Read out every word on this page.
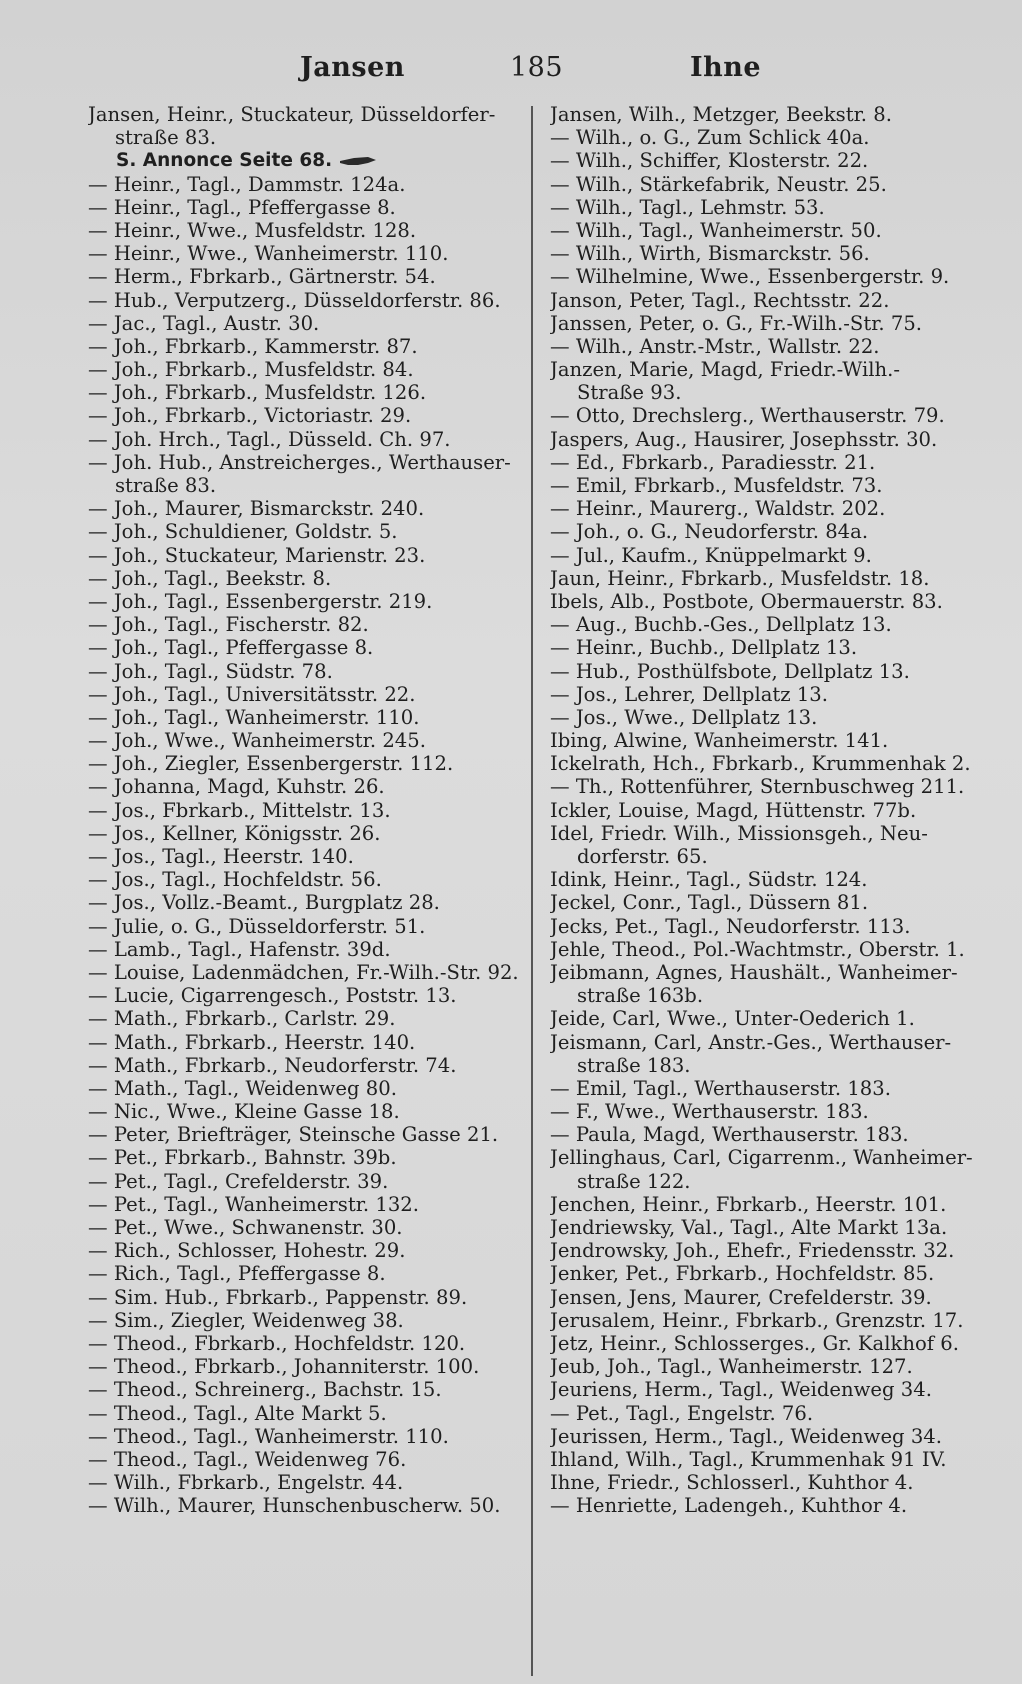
Jansen	185	Ihne
Jansen, Heinr., Stuckateur, Düsseldorfer-
straße 83.
S. Annonce Seite 68.
— Heinr., Tagl., Dammstr. 124a.
— Heinr., Tagl., Pfeffergasse 8.
— Heinr., Wwe., Musfeldstr. 128.
— Heinr., Wwe., Wanheimerstr. 110.
— Herm., Fbrkarb., Gärtnerstr. 54.
— Hub., Verputzerg., Düsseldorferstr. 86.
— Jac., Tagl., Austr. 30.
— Joh., Fbrkarb., Kammerstr. 87.
— Joh., Fbrkarb., Musfeldstr. 84.
— Joh., Fbrkarb., Musfeldstr. 126.
— Joh., Fbrkarb., Victoriastr. 29.
— Joh. Hrch., Tagl., Düsseld. Ch. 97.
— Joh. Hub., Anstreicherges., Werthauser-
straße 83.
— Joh., Maurer, Bismarckstr. 240.
— Joh., Schuldiener, Goldstr. 5.
— Joh., Stuckateur, Marienstr. 23.
— Joh., Tagl., Beekstr. 8.
— Joh., Tagl., Essenbergerstr. 219.
— Joh., Tagl., Fischerstr. 82.
— Joh., Tagl., Pfeffergasse 8.
— Joh., Tagl., Südstr. 78.
— Joh., Tagl., Universitätsstr. 22.
— Joh., Tagl., Wanheimerstr. 110.
— Joh., Wwe., Wanheimerstr. 245.
— Joh., Ziegler, Essenbergerstr. 112.
— Johanna, Magd, Kuhstr. 26.
— Jos., Fbrkarb., Mittelstr. 13.
— Jos., Kellner, Königsstr. 26.
— Jos., Tagl., Heerstr. 140.
— Jos., Tagl., Hochfeldstr. 56.
— Jos., Vollz.-Beamt., Burgplatz 28.
— Julie, o. G., Düsseldorferstr. 51.
— Lamb., Tagl., Hafenstr. 39d.
— Louise, Ladenmädchen, Fr.-Wilh.-Str. 92.
— Lucie, Cigarrengesch., Poststr. 13.
— Math., Fbrkarb., Carlstr. 29.
— Math., Fbrkarb., Heerstr. 140.
— Math., Fbrkarb., Neudorferstr. 74.
— Math., Tagl., Weidenweg 80.
— Nic., Wwe., Kleine Gasse 18.
— Peter, Briefträger, Steinsche Gasse 21.
— Pet., Fbrkarb., Bahnstr. 39b.
— Pet., Tagl., Crefelderstr. 39.
— Pet., Tagl., Wanheimerstr. 132.
— Pet., Wwe., Schwanenstr. 30.
— Rich., Schlosser, Hohestr. 29.
— Rich., Tagl., Pfeffergasse 8.
— Sim. Hub., Fbrkarb., Pappenstr. 89.
— Sim., Ziegler, Weidenweg 38.
— Theod., Fbrkarb., Hochfeldstr. 120.
— Theod., Fbrkarb., Johanniterstr. 100.
— Theod., Schreinerg., Bachstr. 15.
— Theod., Tagl., Alte Markt 5.
— Theod., Tagl., Wanheimerstr. 110.
— Theod., Tagl., Weidenweg 76.
— Wilh., Fbrkarb., Engelstr. 44.
— Wilh., Maurer, Hunschenbuscherw. 50.
Jansen, Wilh., Metzger, Beekstr. 8.
— Wilh., o. G., Zum Schlick 40a.
— Wilh., Schiffer, Klosterstr. 22.
— Wilh., Stärkefabrik, Neustr. 25.
— Wilh., Tagl., Lehmstr. 53.
— Wilh., Tagl., Wanheimerstr. 50.
— Wilh., Wirth, Bismarckstr. 56.
— Wilhelmine, Wwe., Essenbergerstr. 9.
Janson, Peter, Tagl., Rechtsstr. 22.
Janssen, Peter, o. G., Fr.-Wilh.-Str. 75.
— Wilh., Anstr.-Mstr., Wallstr. 22.
Janzen, Marie, Magd, Friedr.-Wilh.-
Straße 93.
— Otto, Drechslerg., Werthauserstr. 79.
Jaspers, Aug., Hausirer, Josephsstr. 30.
— Ed., Fbrkarb., Paradiesstr. 21.
— Emil, Fbrkarb., Musfeldstr. 73.
— Heinr., Maurerg., Waldstr. 202.
— Joh., o. G., Neudorferstr. 84a.
— Jul., Kaufm., Knüppelmarkt 9.
Jaun, Heinr., Fbrkarb., Musfeldstr. 18.
Ibels, Alb., Postbote, Obermauerstr. 83.
— Aug., Buchb.-Ges., Dellplatz 13.
— Heinr., Buchb., Dellplatz 13.
— Hub., Posthülfsbote, Dellplatz 13.
— Jos., Lehrer, Dellplatz 13.
— Jos., Wwe., Dellplatz 13.
Ibing, Alwine, Wanheimerstr. 141.
Ickelrath, Hch., Fbrkarb., Krummenhak 2.
— Th., Rottenführer, Sternbuschweg 211.
Ickler, Louise, Magd, Hüttenstr. 77b.
Idel, Friedr. Wilh., Missionsgeh., Neu-
dorferstr. 65.
Idink, Heinr., Tagl., Südstr. 124.
Jeckel, Conr., Tagl., Düssern 81.
Jecks, Pet., Tagl., Neudorferstr. 113.
Jehle, Theod., Pol.-Wachtmstr., Oberstr. 1.
Jeibmann, Agnes, Haushält., Wanheimer-
straße 163b.
Jeide, Carl, Wwe., Unter-Oederich 1.
Jeismann, Carl, Anstr.-Ges., Werthauser-
straße 183.
— Emil, Tagl., Werthauserstr. 183.
— F., Wwe., Werthauserstr. 183.
— Paula, Magd, Werthauserstr. 183.
Jellinghaus, Carl, Cigarrenm., Wanheimer-
straße 122.
Jenchen, Heinr., Fbrkarb., Heerstr. 101.
Jendriewsky, Val., Tagl., Alte Markt 13a.
Jendrowsky, Joh., Ehefr., Friedensstr. 32.
Jenker, Pet., Fbrkarb., Hochfeldstr. 85.
Jensen, Jens, Maurer, Crefelderstr. 39.
Jerusalem, Heinr., Fbrkarb., Grenzstr. 17.
Jetz, Heinr., Schlosserges., Gr. Kalkhof 6.
Jeub, Joh., Tagl., Wanheimerstr. 127.
Jeuriens, Herm., Tagl., Weidenweg 34.
— Pet., Tagl., Engelstr. 76.
Jeurissen, Herm., Tagl., Weidenweg 34.
Ihland, Wilh., Tagl., Krummenhak 91 IV.
Ihne, Friedr., Schlosserl., Kuhthor 4.
— Henriette, Ladengeh., Kuhthor 4.
